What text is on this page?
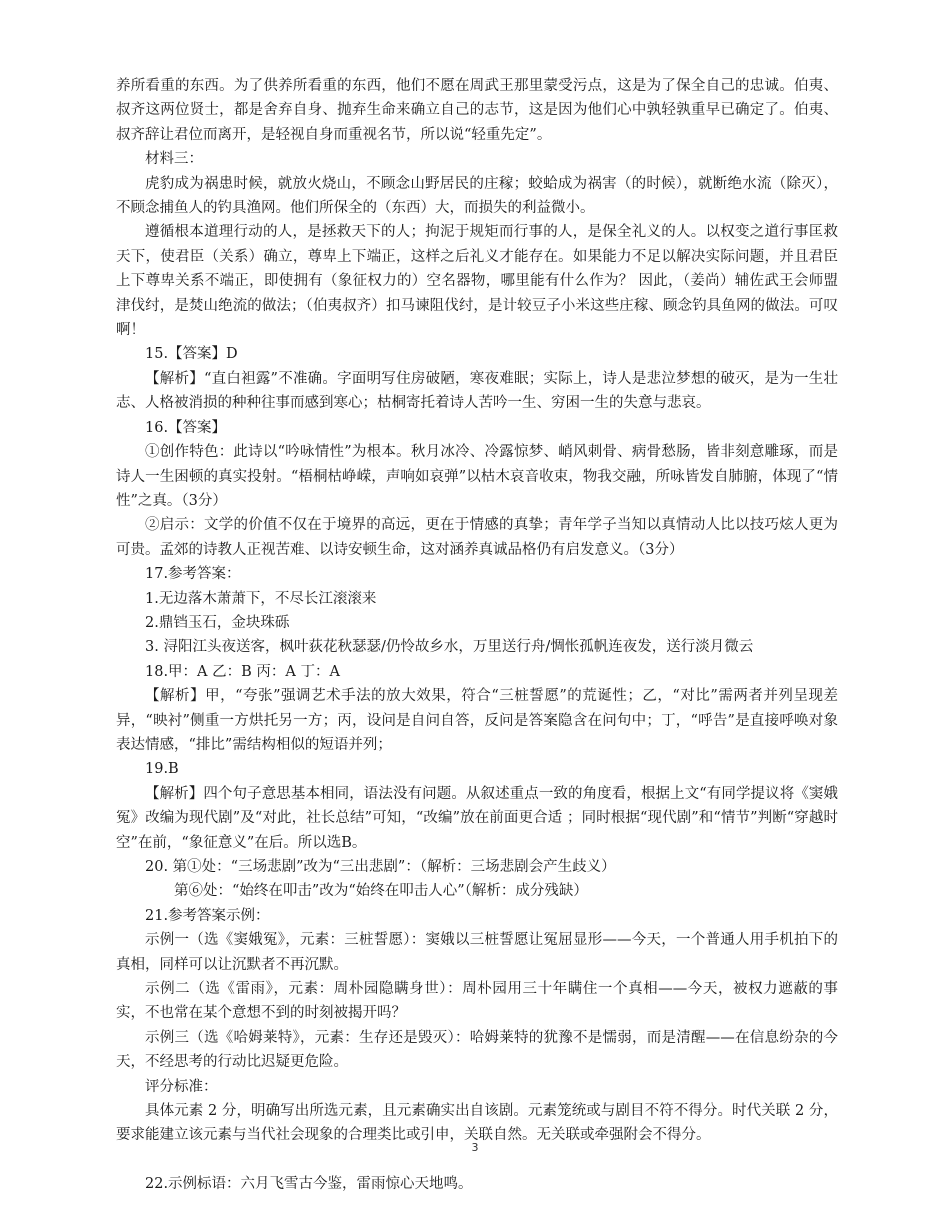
养所看重的东西。为了供养所看重的东西，他们不愿在周武王那里蒙受污点，这是为了保全自己的忠诚。伯夷、叔齐这两位贤士，都是舍弃自身、抛弃生命来确立自己的志节，这是因为他们心中孰轻孰重早已确定了。伯夷、叔齐辞让君位而离开，是轻视自身而重视名节，所以说“轻重先定”。

材料三：

虎豹成为祸患时候，就放火烧山，不顾念山野居民的庄稼；蛟蛤成为祸害（的时候），就断绝水流（除灭），不顾念捕鱼人的钓具渔网。他们所保全的（东西）大，而损失的利益微小。

遵循根本道理行动的人，是拯救天下的人；拘泥于规矩而行事的人，是保全礼义的人。以权变之道行事匡救天下，使君臣（关系）确立，尊卑上下端正，这样之后礼义才能存在。如果能力不足以解决实际问题，并且君臣上下尊卑关系不端正，即使拥有（象征权力的）空名器物，哪里能有什么作为？ 因此，（姜尚）辅佐武王会师盟津伐纣，是焚山绝流的做法；（伯夷叔齐）扣马谏阻伐纣，是计较豆子小米这些庄稼、顾念钓具鱼网的做法。可叹啊！

15.【答案】D

【解析】“直白袒露”不准确。字面明写住房破陋，寒夜难眠；实际上，诗人是悲泣梦想的破灭，是为一生壮志、人格被消损的种种往事而感到寒心；枯桐寄托着诗人苦吟一生、穷困一生的失意与悲哀。

16.【答案】

①创作特色：此诗以“吟咏情性”为根本。秋月冰冷、冷露惊梦、峭风刺骨、病骨愁肠，皆非刻意雕琢，而是诗人一生困顿的真实投射。“梧桐枯峥嵘，声响如哀弹”以枯木哀音收束，物我交融，所咏皆发自肺腑，体现了“情性”之真。（3分）

②启示：文学的价值不仅在于境界的高远，更在于情感的真挚；青年学子当知以真情动人比以技巧炫人更为可贵。孟郊的诗教人正视苦难、以诗安顿生命，这对涵养真诚品格仍有启发意义。（3分）

17.参考答案：

1.无边落木萧萧下，不尽长江滚滚来

2.鼎铛玉石，金块珠砾

3. 浔阳江头夜送客，枫叶荻花秋瑟瑟/仍怜故乡水，万里送行舟/惆怅孤帆连夜发，送行淡月微云

18.甲：A 乙：B 丙：A 丁：A

【解析】甲，“夸张”强调艺术手法的放大效果，符合“三桩誓愿”的荒诞性；乙，“对比”需两者并列呈现差异，“映衬”侧重一方烘托另一方；丙，设问是自问自答，反问是答案隐含在问句中；丁，“呼告”是直接呼唤对象表达情感，“排比”需结构相似的短语并列；

19.B

【解析】四个句子意思基本相同，语法没有问题。从叙述重点一致的角度看，根据上文“有同学提议将《窦娥冤》改编为现代剧”及“对此，社长总结”可知，“改编”放在前面更合适 ；同时根据“现代剧”和“情节”判断“穿越时空”在前，“象征意义”在后。所以选B。

20. 第①处：“三场悲剧”改为“三出悲剧”：（解析：三场悲剧会产生歧义）

第⑥处：“始终在叩击”改为“始终在叩击人心”（解析：成分残缺）

21.参考答案示例：

示例一（选《窦娥冤》，元素：三桩誓愿）：窦娥以三桩誓愿让冤屈显形——今天，一个普通人用手机拍下的真相，同样可以让沉默者不再沉默。

示例二（选《雷雨》，元素：周朴园隐瞒身世）：周朴园用三十年瞒住一个真相——今天，被权力遮蔽的事实，不也常在某个意想不到的时刻被揭开吗？

示例三（选《哈姆莱特》，元素：生存还是毁灭）：哈姆莱特的犹豫不是懦弱，而是清醒——在信息纷杂的今天，不经思考的行动比迟疑更危险。

评分标准：

具体元素 2 分，明确写出所选元素，且元素确实出自该剧。元素笼统或与剧目不符不得分。时代关联 2 分，要求能建立该元素与当代社会现象的合理类比或引申，关联自然。无关联或牵强附会不得分。

22.示例标语：六月飞雪古今鉴，雷雨惊心天地鸣。

3
